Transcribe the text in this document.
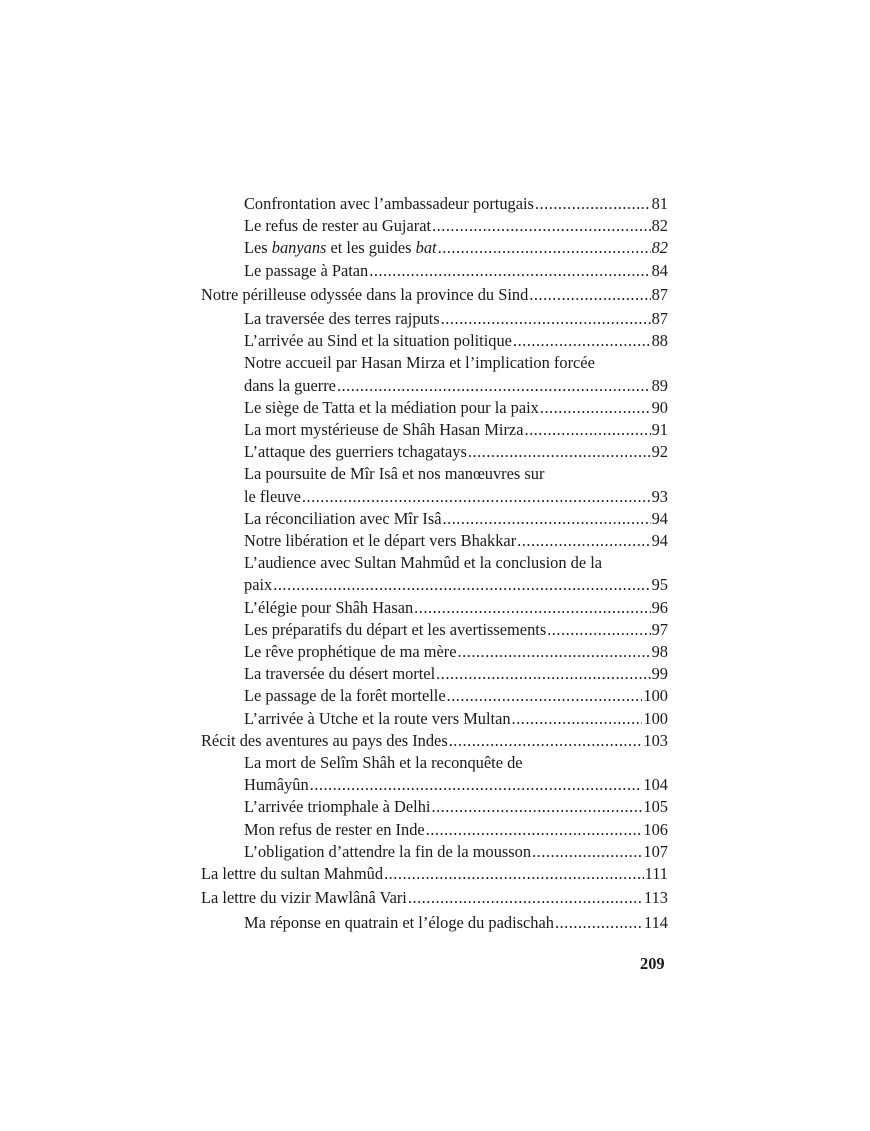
Confrontation avec l’ambassadeur portugais .....	81
Le refus de rester au Gujarat .....	82
Les banyans et les guides bat .....	82
Le passage à Patan .....	84
Notre périlleuse odyssée dans la province du Sind .....	87
La traversée des terres rajputs .....	87
L’arrivée au Sind et la situation politique .....	88
Notre accueil par Hasan Mirza et l’implication forcée
dans la guerre .....	89
Le siège de Tatta et la médiation pour la paix .....	90
La mort mystérieuse de Shâh Hasan Mirza .....	91
L’attaque des guerriers tchagatays .....	92
La poursuite de Mîr Isâ et nos manœuvres sur
le fleuve .....	93
La réconciliation avec Mîr Isâ .....	94
Notre libération et le départ vers Bhakkar .....	94
L’audience avec Sultan Mahmûd et la conclusion de la
paix .....	95
L’élégie pour Shâh Hasan .....	96
Les préparatifs du départ et les avertissements .....	97
Le rêve prophétique de ma mère .....	98
La traversée du désert mortel .....	99
Le passage de la forêt mortelle .....	100
L’arrivée à Utche et la route vers Multan .....	100
Récit des aventures au pays des Indes .....	103
La mort de Selîm Shâh et la reconquête de
Humâyûn .....	104
L’arrivée triomphale à Delhi .....	105
Mon refus de rester en Inde .....	106
L’obligation d’attendre la fin de la mousson .....	107
La lettre du sultan Mahmûd .....	111
La lettre du vizir Mawlânâ Vari .....	113
Ma réponse en quatrain et l’éloge du padischah .....	114
209
